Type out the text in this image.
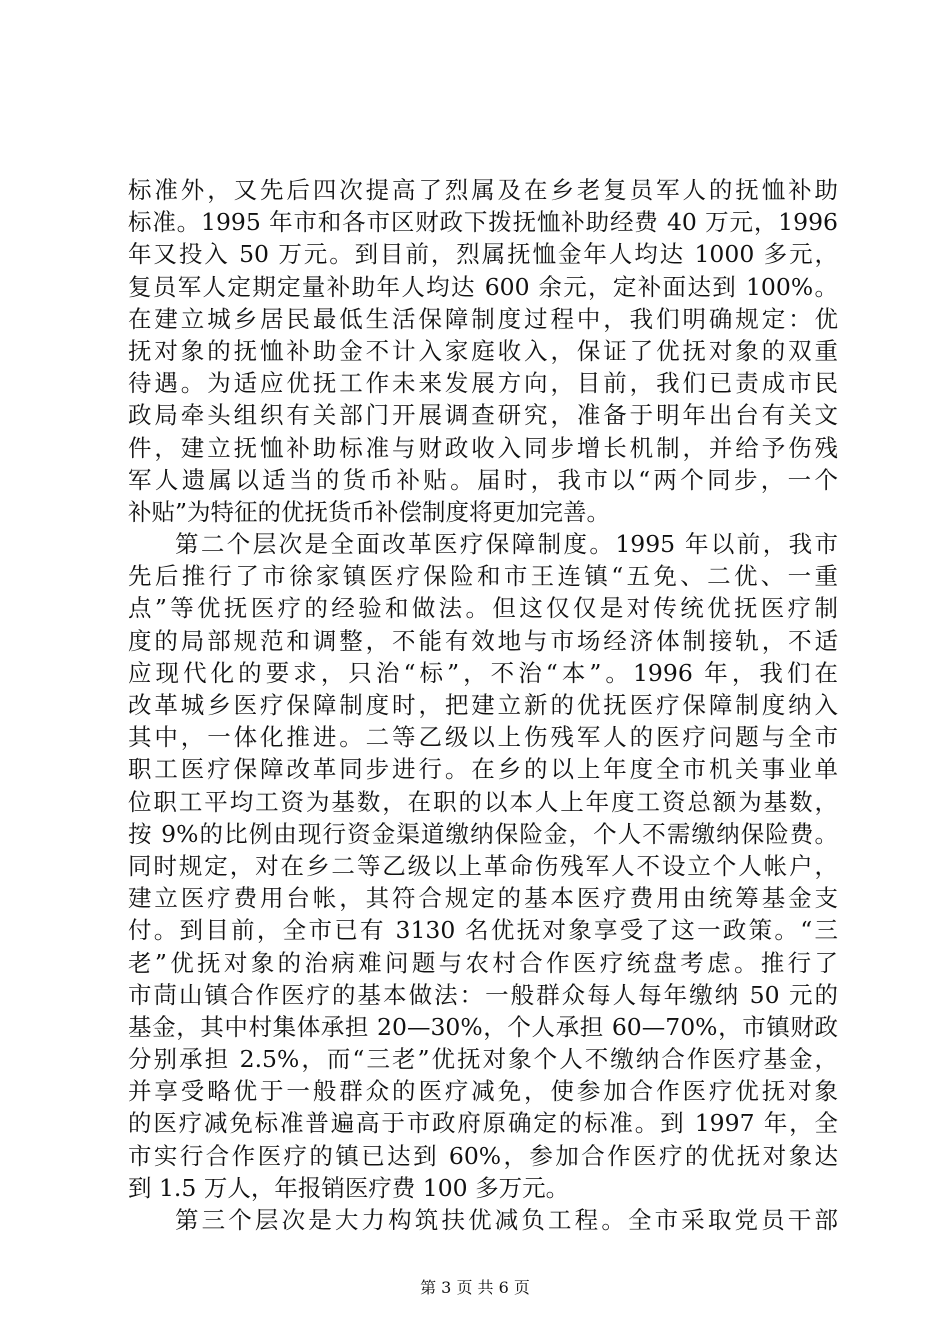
标准外，又先后四次提高了烈属及在乡老复员军人的抚恤补助
标准。1995 年市和各市区财政下拨抚恤补助经费 40 万元，1996
年又投入 50 万元。到目前，烈属抚恤金年人均达 1000 多元，
复员军人定期定量补助年人均达 600 余元，定补面达到 100%。
在建立城乡居民最低生活保障制度过程中，我们明确规定：优
抚对象的抚恤补助金不计入家庭收入，保证了优抚对象的双重
待遇。为适应优抚工作未来发展方向，目前，我们已责成市民
政局牵头组织有关部门开展调查研究，准备于明年出台有关文
件，建立抚恤补助标准与财政收入同步增长机制，并给予伤残
军人遗属以适当的货币补贴。届时，我市以“两个同步，一个
补贴”为特征的优抚货币补偿制度将更加完善。
第二个层次是全面改革医疗保障制度。1995 年以前，我市
先后推行了市徐家镇医疗保险和市王连镇“五免、二优、一重
点”等优抚医疗的经验和做法。但这仅仅是对传统优抚医疗制
度的局部规范和调整，不能有效地与市场经济体制接轨，不适
应现代化的要求，只治“标”，不治“本”。1996 年，我们在
改革城乡医疗保障制度时，把建立新的优抚医疗保障制度纳入
其中，一体化推进。二等乙级以上伤残军人的医疗问题与全市
职工医疗保障改革同步进行。在乡的以上年度全市机关事业单
位职工平均工资为基数，在职的以本人上年度工资总额为基数，
按 9%的比例由现行资金渠道缴纳保险金，个人不需缴纳保险费。
同时规定，对在乡二等乙级以上革命伤残军人不设立个人帐户，
建立医疗费用台帐，其符合规定的基本医疗费用由统筹基金支
付。到目前，全市已有 3130 名优抚对象享受了这一政策。“三
老”优抚对象的治病难问题与农村合作医疗统盘考虑。推行了
市茼山镇合作医疗的基本做法：一般群众每人每年缴纳 50 元的
基金，其中村集体承担 20—30%，个人承担 60—70%，市镇财政
分别承担 2.5%，而“三老”优抚对象个人不缴纳合作医疗基金，
并享受略优于一般群众的医疗减免，使参加合作医疗优抚对象
的医疗减免标准普遍高于市政府原确定的标准。到 1997 年，全
市实行合作医疗的镇已达到 60%，参加合作医疗的优抚对象达
到 1.5 万人，年报销医疗费 100 多万元。
第三个层次是大力构筑扶优减负工程。全市采取党员干部
第 3 页 共 6 页
